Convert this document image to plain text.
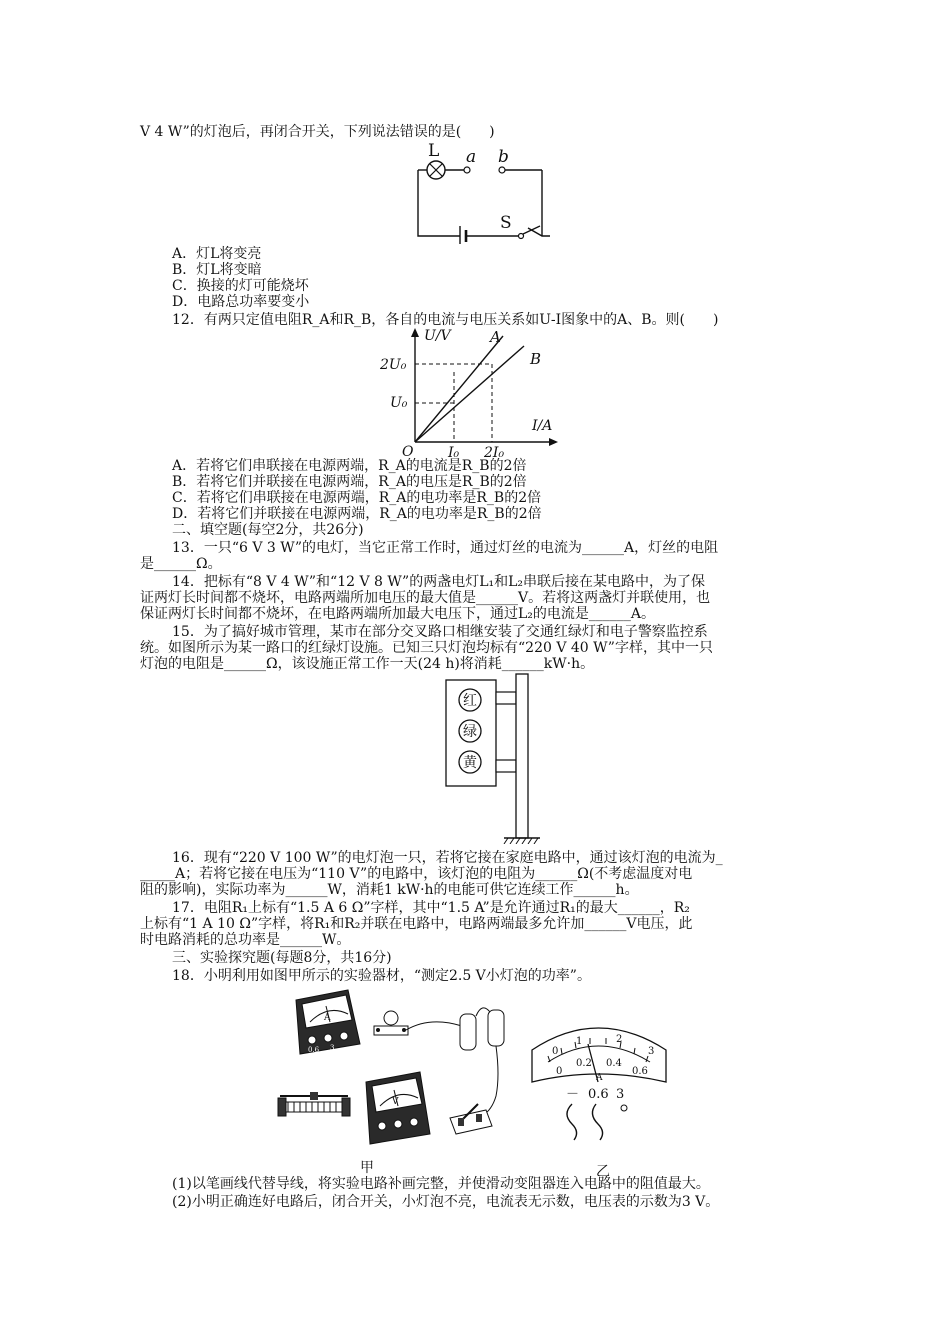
V 4 W”的灯泡后，再闭合开关，下列说法错误的是(　　)
L a b
S
A．灯L将变亮
B．灯L将变暗
C．换接的灯可能烧坏
D．电路总功率要变小
12．有两只定值电阻R_A和R_B，各自的电流与电压关系如U-I图象中的A、B。则(　　)
U/V
I/A
2U₀
U₀
O I₀ 2I₀
A
B
A．若将它们串联接在电源两端，R_A的电流是R_B的2倍
B．若将它们并联接在电源两端，R_A的电压是R_B的2倍
C．若将它们串联接在电源两端，R_A的电功率是R_B的2倍
D．若将它们并联接在电源两端，R_A的电功率是R_B的2倍
二、填空题(每空2分，共26分)
13．一只“6 V 3 W”的电灯，当它正常工作时，通过灯丝的电流为______A，灯丝的电阻
是______Ω。
14．把标有“8 V 4 W”和“12 V 8 W”的两盏电灯L₁和L₂串联后接在某电路中，为了保
证两灯长时间都不烧坏，电路两端所加电压的最大值是______V。若将这两盏灯并联使用，也
保证两灯长时间都不烧坏，在电路两端所加最大电压下，通过L₂的电流是______A。
15．为了搞好城市管理，某市在部分交叉路口相继安装了交通红绿灯和电子警察监控系
统。如图所示为某一路口的红绿灯设施。已知三只灯泡均标有“220 V 40 W”字样，其中一只
灯泡的电阻是______Ω，该设施正常工作一天(24 h)将消耗______kW·h。
红
绿
黄
16．现有“220 V 100 W”的电灯泡一只，若将它接在家庭电路中，通过该灯泡的电流为_
_____A；若将它接在电压为“110 V”的电路中，该灯泡的电阻为______Ω(不考虑温度对电
阻的影响)，实际功率为______W，消耗1 kW·h的电能可供它连续工作______h。
17．电阻R₁上标有“1.5 A 6 Ω”字样，其中“1.5 A”是允许通过R₁的最大______，R₂
上标有“1 A 10 Ω”字样，将R₁和R₂并联在电路中，电路两端最多允许加______V电压，此
时电路消耗的总功率是______W。
三、实验探究题(每题8分，共16分)
18．小明利用如图甲所示的实验器材，“测定2.5 V小灯泡的功率”。
A
0.6 3
V
甲
0
1	2
3
0
0.2 0.4
0.6
A
－ 0.6 3
乙
(1)以笔画线代替导线，将实验电路补画完整，并使滑动变阻器连入电路中的阻值最大。
(2)小明正确连好电路后，闭合开关，小灯泡不亮，电流表无示数，电压表的示数为3 V。
